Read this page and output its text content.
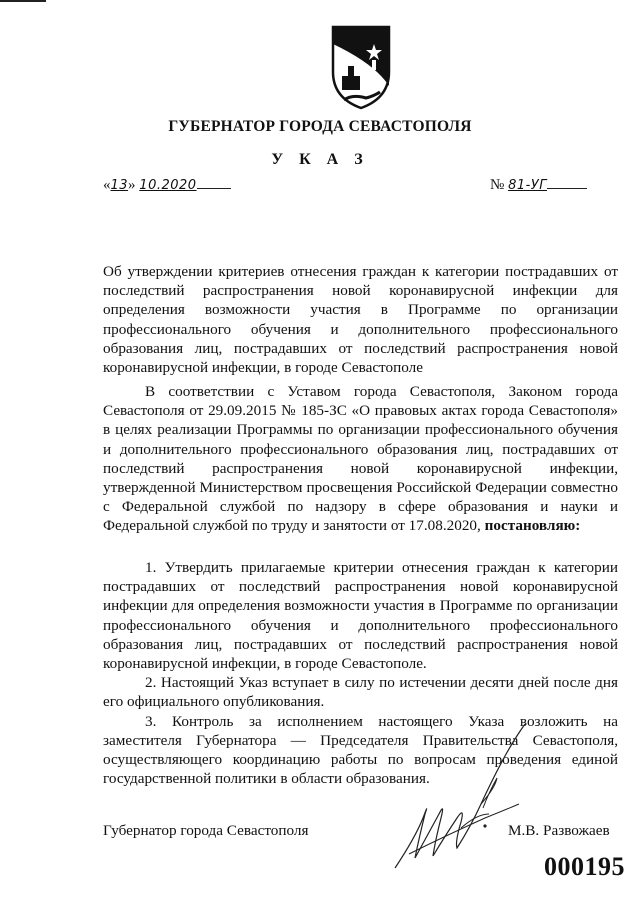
ГУБЕРНАТОР ГОРОДА СЕВАСТОПОЛЯ
У К А З
«13» 10.2020	№ 81-УГ
Об утверждении критериев отнесения граждан к категории пострадавших от последствий распространения новой коронавирусной инфекции для определения возможности участия в Программе по организации профессионального обучения и дополнительного профессионального образования лиц, пострадавших от последствий распространения новой коронавирусной инфекции, в городе Севастополе
В соответствии с Уставом города Севастополя, Законом города Севастополя от 29.09.2015 № 185-ЗС «О правовых актах города Севастополя» в целях реализации Программы по организации профессионального обучения и дополнительного профессионального образования лиц, пострадавших от последствий распространения новой коронавирусной инфекции, утвержденной Министерством просвещения Российской Федерации совместно с Федеральной службой по надзору в сфере образования и науки и Федеральной службой по труду и занятости от 17.08.2020, постановляю:
1. Утвердить прилагаемые критерии отнесения граждан к категории пострадавших от последствий распространения новой коронавирусной инфекции для определения возможности участия в Программе по организации профессионального обучения и дополнительного профессионального образования лиц, пострадавших от последствий распространения новой коронавирусной инфекции, в городе Севастополе.
2. Настоящий Указ вступает в силу по истечении десяти дней после дня его официального опубликования.
3. Контроль за исполнением настоящего Указа возложить на заместителя Губернатора — Председателя Правительства Севастополя, осуществляющего координацию работы по вопросам проведения единой государственной политики в области образования.
Губернатор города Севастополя	М.В. Развожаев
000195
